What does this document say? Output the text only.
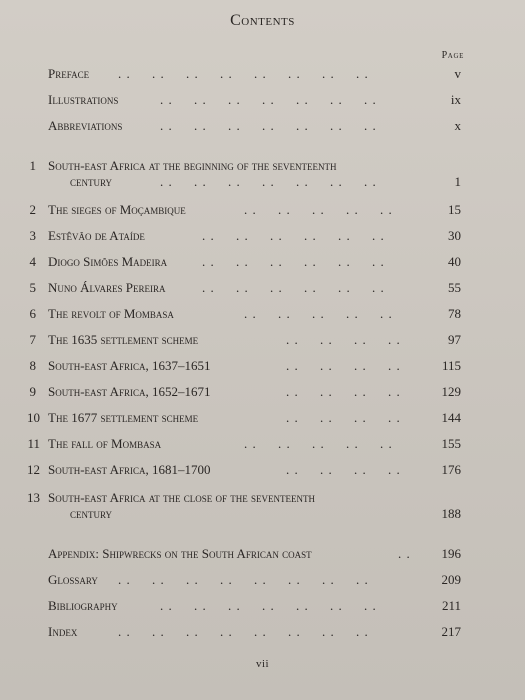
Contents
Page
Preface . .     . .     . .     . .     . .     . .     . .     . .	v
Illustrations	. .     . .     . .     . .     . .     . .     . .	ix
Abbreviations	. .     . .     . .     . .     . .     . .     . .	x
1 South-east Africa at the beginning of the seventeenth
century	. .     . .     . .     . .     . .     . .     . .	1
2 The sieges of Moçambique	. .     . .     . .     . .     . .	15
3 Estêvão de Ataíde	. .     . .     . .     . .     . .     . .	30
4 Diogo Simões Madeira	. .     . .     . .     . .     . .     . .	40
5 Nuno Álvares Pereira	. .     . .     . .     . .     . .     . .	55
6 The revolt of Mombasa	. .     . .     . .     . .     . .	78
7 The 1635 settlement scheme	. .     . .     . .     . .	97
8 South-east Africa, 1637–1651	. .     . .     . .     . .	115
9 South-east Africa, 1652–1671	. .     . .     . .     . .	129
10 The 1677 settlement scheme	. .     . .     . .     . .	144
11 The fall of Mombasa	. .     . .     . .     . .     . .	155
12 South-east Africa, 1681–1700	. .     . .     . .     . .	176
13 South-east Africa at the close of the seventeenth
century	188
Appendix: Shipwrecks on the South African coast	. . 196
Glossary . .     . .     . .     . .     . .     . .     . .     . .	209
Bibliography	. .     . .     . .     . .     . .     . .     . .	211
Index	. .     . .     . .     . .     . .     . .     . .     . .	217
vii
